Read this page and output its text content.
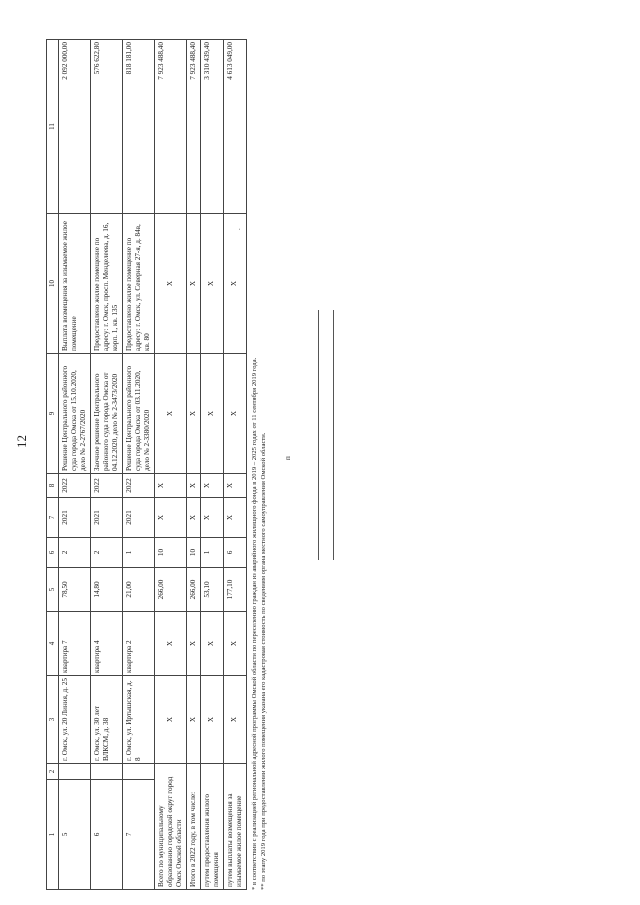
12
1	2	3	4	5	6	7	8	9	10	11
5		г. Омск, ул. 20 Линия, д. 25	квартира 7	78,50	2	2021	2022	Решение Центрального районного суда города Омска от 15.10.2020, дело № 2-2767/2020	Выплата возмещения за изымаемое жилое помещение	2 092 000,00
6		г. Омск, ул. 30 лет ВЛКСМ, д. 38	квартира 4	14,80	2	2021	2022	Заочное решение Центрального районного суда города Омска от 04.12.2020, дело № 2-3473/2020	Предоставлено жилое помещение по адресу: г. Омск, просп. Менделеева, д. 16, корп. 1, кв. 135	576 622,80
7		г. Омск, ул. Иртышская, д. 8	квартира 2	21,00	1	2021	2022	Решение Центрального районного суда города Омска от 03.11.2020, дело № 2-3380/2020	Предоставлено жилое помещение по адресу: г. Омск, ул. Северная 27-я, д. 84в, кв. 80	818 181,00
Всего по муниципальному образованию городской округ город Омск Омской области		Х	Х	266,00	10	Х	Х	Х	Х	7 923 488,40
Итого в 2022 году, в том числе:		Х	Х	266,00	10	Х	Х	Х	Х	7 923 488,40
путем предоставления жилого помещения		Х	Х	53,10	1	Х	Х	Х	Х	3 310 439,40
путем выплаты возмещения за изымаемое жилое помещение		Х	Х	177,10	6	Х	Х	Х	Х	4 613 049,00
* в соответствии с реализацией региональной адресной программы Омской области по переселению граждан из аварийного жилищного фонда в 2019 – 2025 годах от 11 сентября 2019 года. ** по этапу 2019 года при предоставлении жилого помещения указана его кадастровая стоимость по сведениям органа местного самоуправления Омской области. п
.
